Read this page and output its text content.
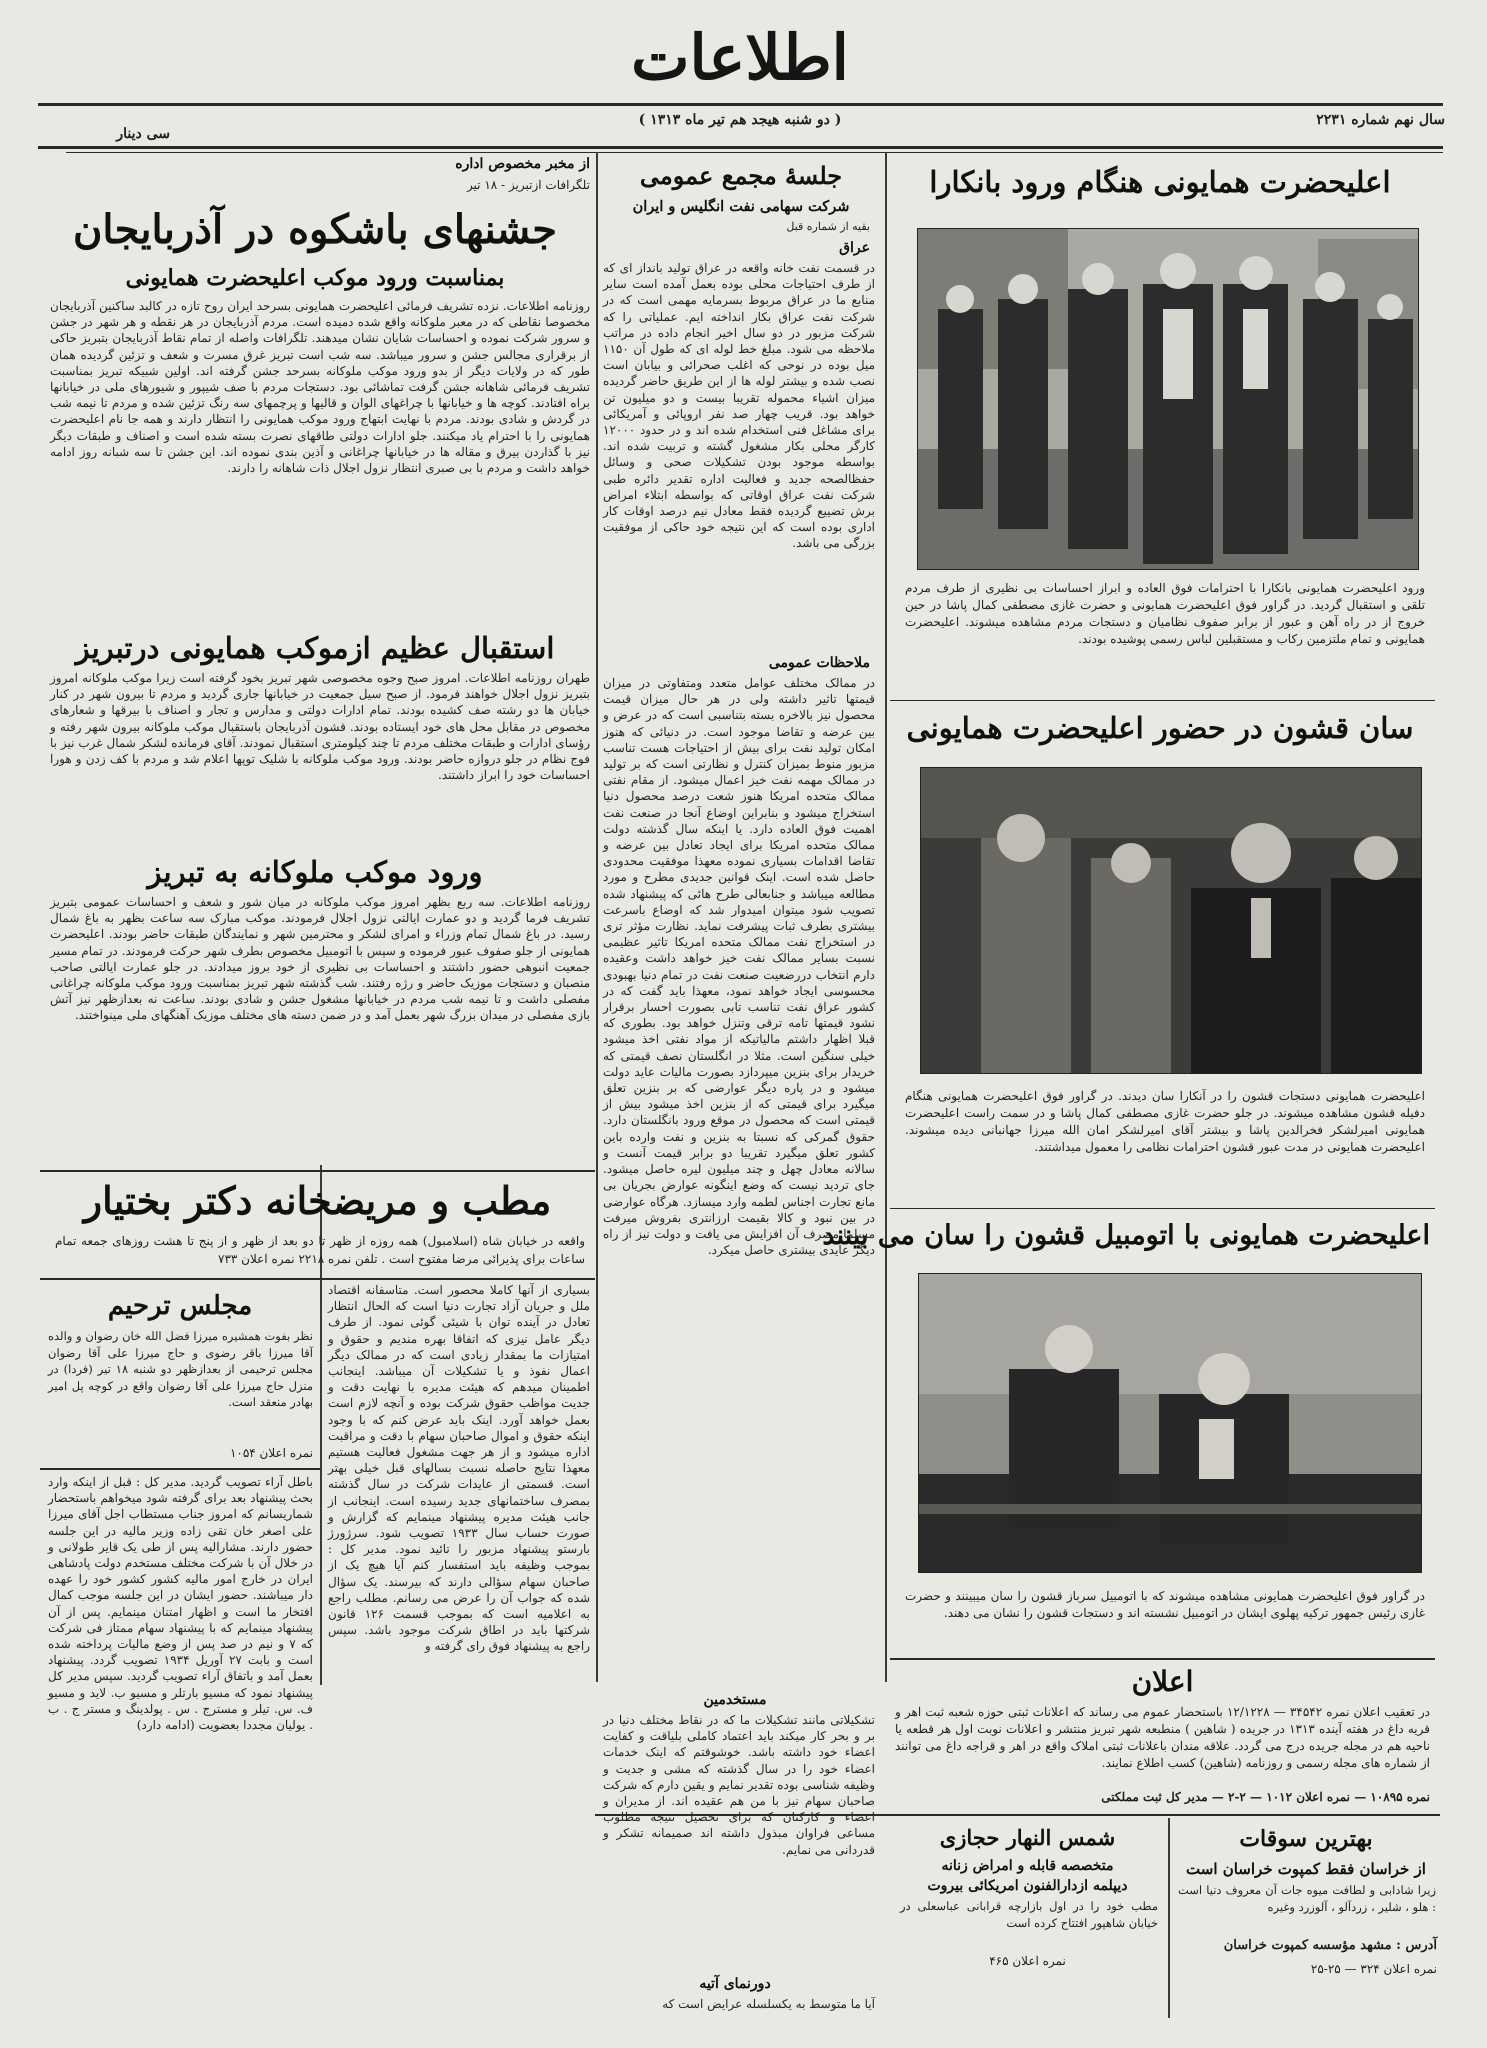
اطلاعات
سال نهم شماره ۲۲۳۱
( دو شنبه هیجد هم تیر ماه ۱۳۱۳ )
سی دینار
اعلیحضرت همایونی هنگام ورود بانکارا
ورود اعلیحضرت همایونی بانکارا با احترامات فوق العاده و ابراز احساسات بی نظیری از طرف مردم تلقی و استقبال گردید. در گراور فوق اعلیحضرت همایونی و حضرت غازی مصطفی کمال پاشا در حین خروج از در راه آهن و عبور از برابر صفوف نظامیان و دستجات مردم مشاهده میشوند. اعلیحضرت همایونی و تمام ملتزمین رکاب و مستقبلین لباس رسمی پوشیده بودند.
سان قشون در حضور اعلیحضرت همایونی
اعلیحضرت همایونی دستجات قشون را در آنکارا سان دیدند. در گراور فوق اعلیحضرت همایونی هنگام دفیله قشون مشاهده میشوند. در جلو حضرت غازی مصطفی کمال پاشا و در سمت راست اعلیحضرت همایونی امیرلشکر فخرالدین پاشا و بیشتر آقای امیرلشکر امان الله میرزا جهانبانی دیده میشوند. اعلیحضرت همایونی در مدت عبور قشون احترامات نظامی را معمول میداشتند.
اعلیحضرت همایونی با اتومبیل قشون را سان می بینند
در گراور فوق اعلیحضرت همایونی مشاهده میشوند که با اتومبیل سرباز قشون را سان میبینند و حضرت غازی رئیس جمهور ترکیه پهلوی ایشان در اتومبیل نشسته اند و دستجات قشون را نشان می دهند.
اعلان
در تعقیب اعلان نمره ۳۴۵۴۲ — ۱۲/۱۲۲۸ باستحضار عموم می رساند که اعلانات ثبتی حوزه شعبه ثبت اهر و قریه داغ در هفته آینده ۱۳۱۳ در جریده ( شاهین ) منطبعه شهر تبریز منتشر و اعلانات نوبت اول هر قطعه یا ناحیه هم در مجله جریده درج می گردد. علاقه مندان باعلانات ثبتی املاک واقع در اهر و قراجه داغ می توانند از شماره های مجله رسمی و روزنامه (شاهین) کسب اطلاع نمایند.
نمره ۱۰۸۹۵ — نمره اعلان ۱۰۱۲ — ۲-۲ — مدیر کل ثبت مملکتی
بهترین سوقات
از خراسان فقط کمپوت خراسان است
زیرا شادابی و لطافت میوه جات آن معروف دنیا است : هلو ، شلیر ، زردآلو ، آلوزرد وغیره
آدرس : مشهد مؤسسه کمپوت خراسان
نمره اعلان ۳۲۴ — ۲۵-۲۵
شمس النهار حجازی
متخصصه قابله و امراض زنانه
دیپلمه ازدارالفنون امریکائی بیروت
مطب خود را در اول بازارچه قرابانی عباسعلی در خیابان شاهپور افتتاح کرده است
نمره اعلان ۴۶۵
جلسهٔ مجمع عمومی
شرکت سهامی نفت انگلیس و ایران
بقیه از شماره قبل
عراق
در قسمت نفت خانه واقعه در عراق تولید بانداز ای که از طرف احتیاجات محلی بوده بعمل آمده است سایر منابع ما در عراق مربوط بسرمایه مهمی است که در شرکت نفت عراق بکار انداخته ایم. عملیاتی را که شرکت مزبور در دو سال اخیر انجام داده در مراتب ملاحظه می شود. مبلغ خط لوله ای که طول آن ۱۱۵۰ میل بوده در نوحی که اغلب صحرائی و بیابان است نصب شده و بیشتر لوله ها از این طریق حاضر گردیده میزان اشیاء محموله تقریبا بیست و دو میلیون تن خواهد بود. قریب چهار صد نفر اروپائی و آمریکائی برای مشاغل فنی استخدام شده اند و در حدود ۱۲۰۰۰ کارگر محلی بکار مشغول گشته و تربیت شده اند. بواسطه موجود بودن تشکیلات صحی و وسائل حفظالصحه جدید و فعالیت اداره تقدیر دائره طبی شرکت نفت عراق اوقاتی که بواسطه ابتلاء امراض برش تضییع گردیده فقط معادل نیم درصد اوقات کار اداری بوده است که این نتیجه خود حاکی از موفقیت بزرگی می باشد.
ملاحظات عمومی
در ممالک مختلف عوامل متعدد ومتفاوتی در میزان قیمتها تاثیر داشته ولی در هر حال میزان قیمت محصول نیز بالاخره بسته بتناسبی است که در عرض و بین عرضه و تقاضا موجود است. در دنیائی که هنوز امکان تولید نفت برای بیش از احتیاجات هست تناسب مزبور منوط بمیزان کنترل و نظارتی است که بر تولید در ممالک مهمه نفت خیز اعمال میشود. از مقام نفتی ممالک متحده امریکا هنوز شعت درصد محصول دنیا استخراج میشود و بنابراین اوضاع آنجا در صنعت نفت اهمیت فوق العاده دارد. یا اینکه سال گذشته دولت ممالک متحده امریکا برای ایجاد تعادل بین عرضه و تقاضا اقدامات بسیاری نموده معهذا موفقیت محدودی حاصل شده است. اینک قوانین جدیدی مطرح و مورد مطالعه میباشد و جنابعالی طرح هائی که پیشنهاد شده تصویب شود میتوان امیدوار شد که اوضاع باسرعت بیشتری بطرف ثبات پیشرفت نماید. نظارت مؤثر تری در استخراج نفت ممالک متحده امریکا تاثیر عظیمی نسبت بسایر ممالک نفت خیز خواهد داشت وعقیده دارم انتخاب دررضعیت صنعت نفت در تمام دنیا بهبودی محسوسی ایجاد خواهد نمود، معهذا باید گفت که در کشور عراق نفت تناسب تابی بصورت احسار برقرار نشود قیمتها تامه ترقی وتنزل خواهد بود. بطوری که قبلا اظهار داشتم مالیاتیکه از مواد نفتی اخذ میشود خیلی سنگین است. مثلا در انگلستان نصف قیمتی که خریدار برای بنزین میپردازد بصورت مالیات عاید دولت میشود و در پاره دیگر عوارضی که بر بنزین تعلق میگیرد برای قیمتی که از بنزین اخذ میشود بیش از قیمتی است که محصول در موقع ورود بانگلستان دارد. حقوق گمرکی که نسبتا به بنزین و نفت وارده باین کشور تعلق میگیرد تقریبا دو برابر قیمت آنست و سالانه معادل چهل و چند میلیون لیره حاصل میشود. جای تردید نیست که وضع اینگونه عوارض بجریان بی مانع تجارت اجناس لطمه وارد میسازد. هرگاه عوارضی در بین نبود و کالا بقیمت ارزانتری بفروش میرفت مسلما مصرف آن افزایش می یافت و دولت نیز از راه دیگر عایدی بیشتری حاصل میکرد.
مستخدمین
تشکیلاتی مانند تشکیلات ما که در نقاط مختلف دنیا در بر و بحر کار میکند باید اعتماد کاملی بلیاقت و کفایت اعضاء خود داشته باشد. خوشوقتم که اینک خدمات اعضاء خود را در سال گذشته که مشی و جدیت و وظیفه شناسی بوده تقدیر نمایم و یقین دارم که شرکت صاحبان سهام نیز با من هم عقیده اند. از مدیران و اعضاء و کارکنان که برای تحصیل نتیجه مطلوب مساعی فراوان مبذول داشته اند صمیمانه تشکر و قدردانی می نمایم.
دورنمای آتیه
آیا ما متوسط به یکسلسله عرایض است که
از مخبر مخصوص اداره
تلگرافات ازتبریز - ۱۸ تیر
جشنهای باشکوه در آذربایجان
بمناسبت ورود موکب اعلیحضرت همایونی
روزنامه اطلاعات. نزده تشریف فرمائی اعلیحضرت همایونی بسرحد ایران روح تازه در کالبد ساکنین آذربایجان مخصوصا نقاطی که در معبر ملوکانه واقع شده دمیده است. مردم آذربایجان در هر نقطه و هر شهر در جشن و سرور شرکت نموده و احساسات شایان نشان میدهند. تلگرافات واصله از تمام نقاط آذربایجان بتبریز حاکی از برقراری مجالس جشن و سرور میباشد. سه شب است تبریز غرق مسرت و شعف و تزئین گردیده همان طور که در ولایات دیگر از بدو ورود موکب ملوکانه بسرحد جشن گرفته اند. اولین شبیکه تبریز بمناسبت تشریف فرمائی شاهانه جشن گرفت تماشائی بود. دستجات مردم با صف شیپور و شیورهای ملی در خیابانها براه افتادند. کوچه ها و خیابانها با چراغهای الوان و قالیها و پرچمهای سه رنگ تزئین شده و مردم تا نیمه شب در گردش و شادی بودند. مردم با نهایت ابتهاج ورود موکب همایونی را انتظار دارند و همه جا نام اعلیحضرت همایونی را با احترام یاد میکنند. جلو ادارات دولتی طاقهای نصرت بسته شده است و اصناف و طبقات دیگر نیز با گذاردن بیرق و مقاله ها در خیابانها چراغانی و آذین بندی نموده اند. این جشن تا سه شبانه روز ادامه خواهد داشت و مردم با بی صبری انتظار نزول اجلال ذات شاهانه را دارند.
استقبال عظیم ازموکب همایونی درتبریز
طهران روزنامه اطلاعات. امروز صبح وجوه مخصوصی شهر تبریز بخود گرفته است زیرا موکب ملوکانه امروز بتبریز نزول اجلال خواهند فرمود. از صبح سیل جمعیت در خیابانها جاری گردید و مردم تا بیرون شهر در کنار خیابان ها دو رشته صف کشیده بودند. تمام ادارات دولتی و مدارس و تجار و اصناف با بیرقها و شعارهای مخصوص در مقابل محل های خود ایستاده بودند. قشون آذربایجان باستقبال موکب ملوکانه بیرون شهر رفته و رؤسای ادارات و طبقات مختلف مردم تا چند کیلومتری استقبال نمودند. آقای فرمانده لشکر شمال غرب نیز با فوج نظام در جلو دروازه حاضر بودند. ورود موکب ملوکانه با شلیک توپها اعلام شد و مردم با کف زدن و هورا احساسات خود را ابراز داشتند.
ورود موکب ملوکانه به تبریز
روزنامه اطلاعات. سه ربع بظهر امروز موکب ملوکانه در میان شور و شعف و احساسات عمومی بتبریز تشریف فرما گردید و دو عمارت ایالتی نزول اجلال فرمودند. موکب مبارک سه ساعت بظهر به باغ شمال رسید. در باغ شمال تمام وزراء و امرای لشکر و محترمین شهر و نمایندگان طبقات حاضر بودند. اعلیحضرت همایونی از جلو صفوف عبور فرموده و سپس با اتومبیل مخصوص بطرف شهر حرکت فرمودند. در تمام مسیر جمعیت انبوهی حضور داشتند و احساسات بی نظیری از خود بروز میدادند. در جلو عمارت ایالتی صاحب منصبان و دستجات موزیک حاضر و رژه رفتند. شب گذشته شهر تبریز بمناسبت ورود موکب ملوکانه چراغانی مفصلی داشت و تا نیمه شب مردم در خیابانها مشغول جشن و شادی بودند. ساعت نه بعدازظهر نیز آتش بازی مفصلی در میدان بزرگ شهر بعمل آمد و در ضمن دسته های مختلف موزیک آهنگهای ملی مینواختند.
مطب و مریضخانه دکتر بختیار
واقعه در خیابان شاه (اسلامبول) همه روزه از ظهر تا دو بعد از ظهر و از پنج تا هشت روزهای جمعه تمام ساعات برای پذیرائی مرضا مفتوح است . تلفن نمره ۲۲۱۸ نمره اعلان ۷۳۳
مجلس ترحیم
نظر بفوت همشیره میرزا فضل الله خان رضوان و والده آقا میرزا باقر رضوی و حاج میرزا علی آقا رضوان مجلس ترحیمی از بعدازظهر دو شنبه ۱۸ تیر (فردا) در منزل حاج میرزا علی آقا رضوان واقع در کوچه پل امیر بهادر منعقد است.
نمره اعلان ۱۰۵۴
باطل آراء تصویب گردید. مدیر کل : قبل از اینکه وارد بحث پیشنهاد بعد برای گرفته شود میخواهم باستحضار شماریسانم که امروز جناب مستطاب اجل آقای میرزا علی اصغر خان تقی زاده وزیر مالیه در این جلسه حضور دارند. مشارالیه پس از طی یک قایر طولانی و در خلال آن با شرکت مختلف مستخدم دولت پادشاهی ایران در خارج امور مالیه کشور کشور خود را عهده دار میباشند. حضور ایشان در این جلسه موجب کمال افتخار ما است و اظهار امتنان مینمایم. پس از آن پیشنهاد مینمایم که با پیشنهاد سهام ممتاز فی شرکت که ۷ و نیم در صد پس از وضع مالیات پرداخته شده است و بابت ۲۷ آوریل ۱۹۳۴ تصویب گردد. پیشنهاد بعمل آمد و باتفاق آراء تصویب گردید. سپس مدیر کل پیشنهاد نمود که مسیو بارتلر و مسیو ب. لاید و مسیو ف. س. تیلر و مسترج . س . پولدینگ و مستر ج . ب . یولیان مجددا بعضویت (ادامه دارد)
بسیاری از آنها کاملا محصور است. متاسفانه اقتصاد ملل و جریان آزاد تجارت دنیا است که الحال انتظار تعادل در آینده توان با شیئی گوئی نمود. از طرف دیگر عامل نیزی که اتفاقا بهره مندیم و حقوق و امتیازات ما بمقدار زیادی است که در ممالک دیگر اعمال نفوذ و یا تشکیلات آن میباشد. اینجانب اطمینان میدهم که هیئت مدیره با نهایت دقت و جدیت مواظب حقوق شرکت بوده و آنچه لازم است بعمل خواهد آورد. اینک باید عرض کنم که با وجود اینکه حقوق و اموال صاحبان سهام با دقت و مراقبت اداره میشود و از هر جهت مشغول فعالیت هستیم معهذا نتایج حاصله نسبت بسالهای قبل خیلی بهتر است. قسمتی از عایدات شرکت در سال گذشته بمصرف ساختمانهای جدید رسیده است. اینجانب از جانب هیئت مدیره پیشنهاد مینمایم که گزارش و صورت حساب سال ۱۹۳۳ تصویب شود. سرژورژ بارستو پیشنهاد مزبور را تائید نمود. مدیر کل : بموجب وظیفه باید استفسار کنم آیا هیچ یک از صاحبان سهام سؤالی دارند که بیرسند. یک سؤال شده که جواب آن را عرض می رسانم. مطلب راجع به اعلامیه است که بموجب قسمت ۱۲۶ قانون شرکتها باید در اطاق شرکت موجود باشد. سپس راجع به پیشنهاد فوق رای گرفته و
